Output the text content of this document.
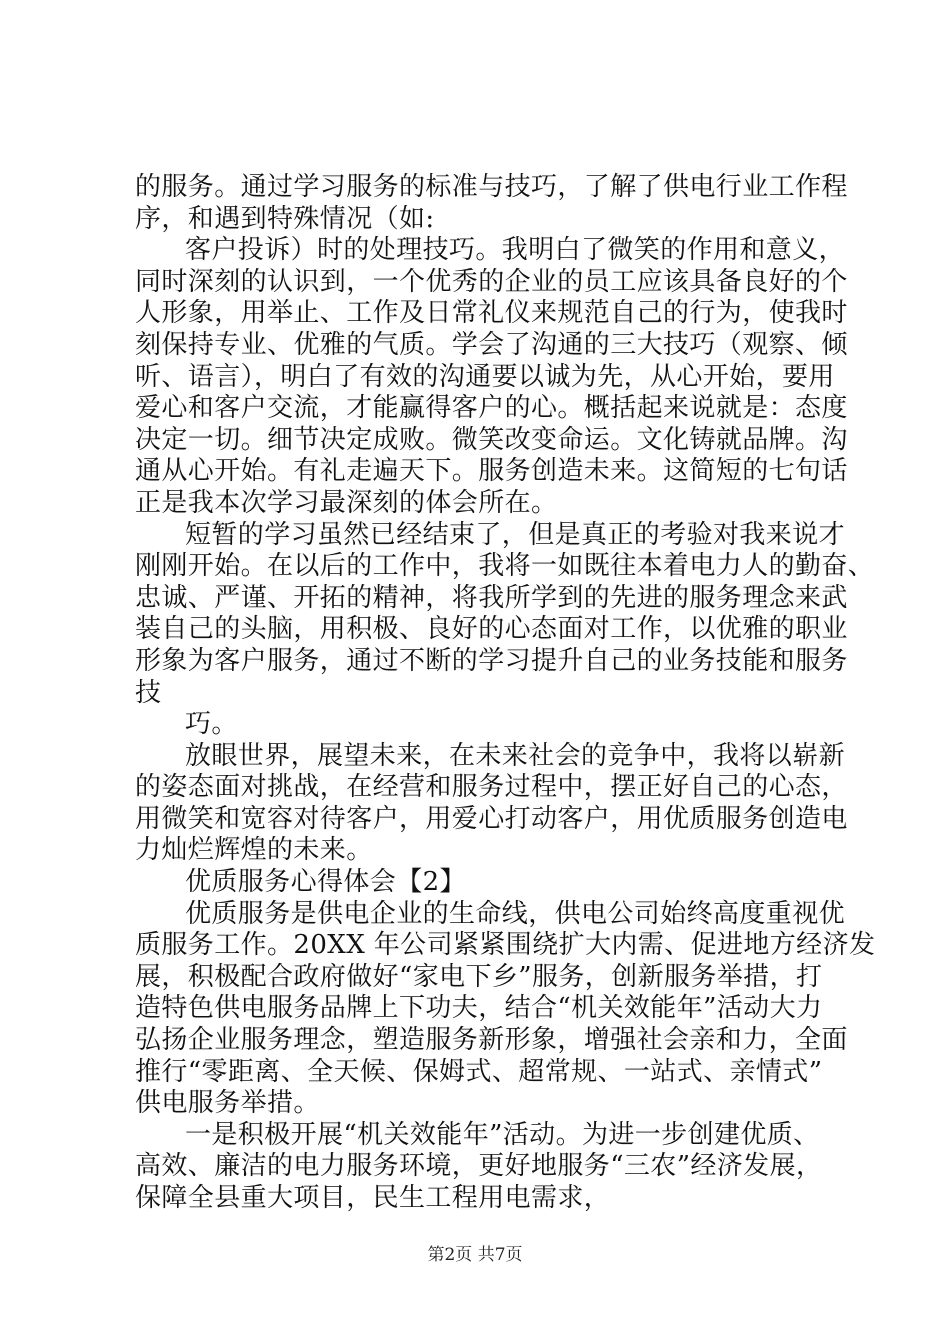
的服务。通过学习服务的标准与技巧，了解了供电行业工作程
序，和遇到特殊情况（如:
客户投诉）时的处理技巧。我明白了微笑的作用和意义，
同时深刻的认识到，一个优秀的企业的员工应该具备良好的个
人形象，用举止、工作及日常礼仪来规范自己的行为，使我时
刻保持专业、优雅的气质。学会了沟通的三大技巧（观察、倾
听、语言），明白了有效的沟通要以诚为先，从心开始，要用
爱心和客户交流，才能赢得客户的心。概括起来说就是：态度
决定一切。细节决定成败。微笑改变命运。文化铸就品牌。沟
通从心开始。有礼走遍天下。服务创造未来。这简短的七句话
正是我本次学习最深刻的体会所在。
短暂的学习虽然已经结束了，但是真正的考验对我来说才
刚刚开始。在以后的工作中，我将一如既往本着电力人的勤奋、
忠诚、严谨、开拓的精神，将我所学到的先进的服务理念来武
装自己的头脑，用积极、良好的心态面对工作，以优雅的职业
形象为客户服务，通过不断的学习提升自己的业务技能和服务
技
巧。
放眼世界，展望未来，在未来社会的竞争中，我将以崭新
的姿态面对挑战，在经营和服务过程中，摆正好自己的心态，
用微笑和宽容对待客户，用爱心打动客户，用优质服务创造电
力灿烂辉煌的未来。
优质服务心得体会【2】
优质服务是供电企业的生命线，供电公司始终高度重视优
质服务工作。20XX 年公司紧紧围绕扩大内需、促进地方经济发
展，积极配合政府做好“家电下乡”服务，创新服务举措，打
造特色供电服务品牌上下功夫，结合“机关效能年”活动大力
弘扬企业服务理念，塑造服务新形象，增强社会亲和力，全面
推行“零距离、全天候、保姆式、超常规、一站式、亲情式”
供电服务举措。
一是积极开展“机关效能年”活动。为进一步创建优质、
高效、廉洁的电力服务环境，更好地服务“三农”经济发展，
保障全县重大项目，民生工程用电需求，
第2页 共7页
